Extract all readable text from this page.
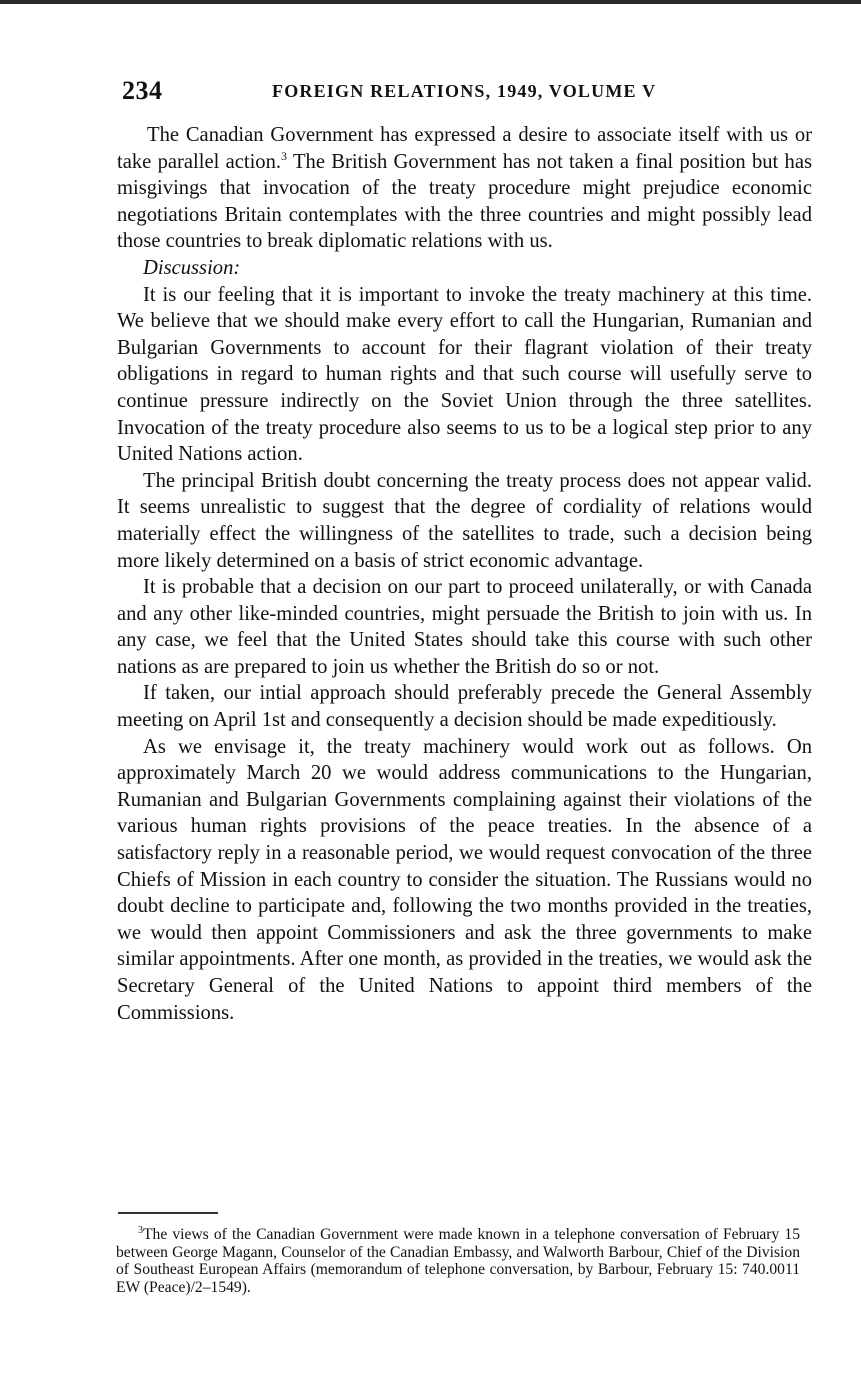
234	FOREIGN RELATIONS, 1949, VOLUME V

The Canadian Government has expressed a desire to associate itself with us or take parallel action.$^3$ The British Government has not taken a final position but has misgivings that invocation of the treaty procedure might prejudice economic negotiations Britain contemplates with the three countries and might possibly lead those countries to break diplomatic relations with us.

Discussion:

It is our feeling that it is important to invoke the treaty machinery at this time. We believe that we should make every effort to call the Hungarian, Rumanian and Bulgarian Governments to account for their flagrant violation of their treaty obligations in regard to human rights and that such course will usefully serve to continue pressure indirectly on the Soviet Union through the three satellites. Invocation of the treaty procedure also seems to us to be a logical step prior to any United Nations action.

The principal British doubt concerning the treaty process does not appear valid. It seems unrealistic to suggest that the degree of cordiality of relations would materially effect the willingness of the satellites to trade, such a decision being more likely determined on a basis of strict economic advantage.

It is probable that a decision on our part to proceed unilaterally, or with Canada and any other like-minded countries, might persuade the British to join with us. In any case, we feel that the United States should take this course with such other nations as are prepared to join us whether the British do so or not.

If taken, our intial approach should preferably precede the General Assembly meeting on April 1st and consequently a decision should be made expeditiously.

As we envisage it, the treaty machinery would work out as follows. On approximately March 20 we would address communications to the Hungarian, Rumanian and Bulgarian Governments complaining against their violations of the various human rights provisions of the peace treaties. In the absence of a satisfactory reply in a reasonable period, we would request convocation of the three Chiefs of Mission in each country to consider the situation. The Russians would no doubt decline to participate and, following the two months provided in the treaties, we would then appoint Commissioners and ask the three governments to make similar appointments. After one month, as provided in the treaties, we would ask the Secretary General of the United Nations to appoint third members of the Commissions.

$^3$The views of the Canadian Government were made known in a telephone conversation of February 15 between George Magann, Counselor of the Canadian Embassy, and Walworth Barbour, Chief of the Division of Southeast European Affairs (memorandum of telephone conversation, by Barbour, February 15: 740.0011 EW (Peace)/2–1549).
